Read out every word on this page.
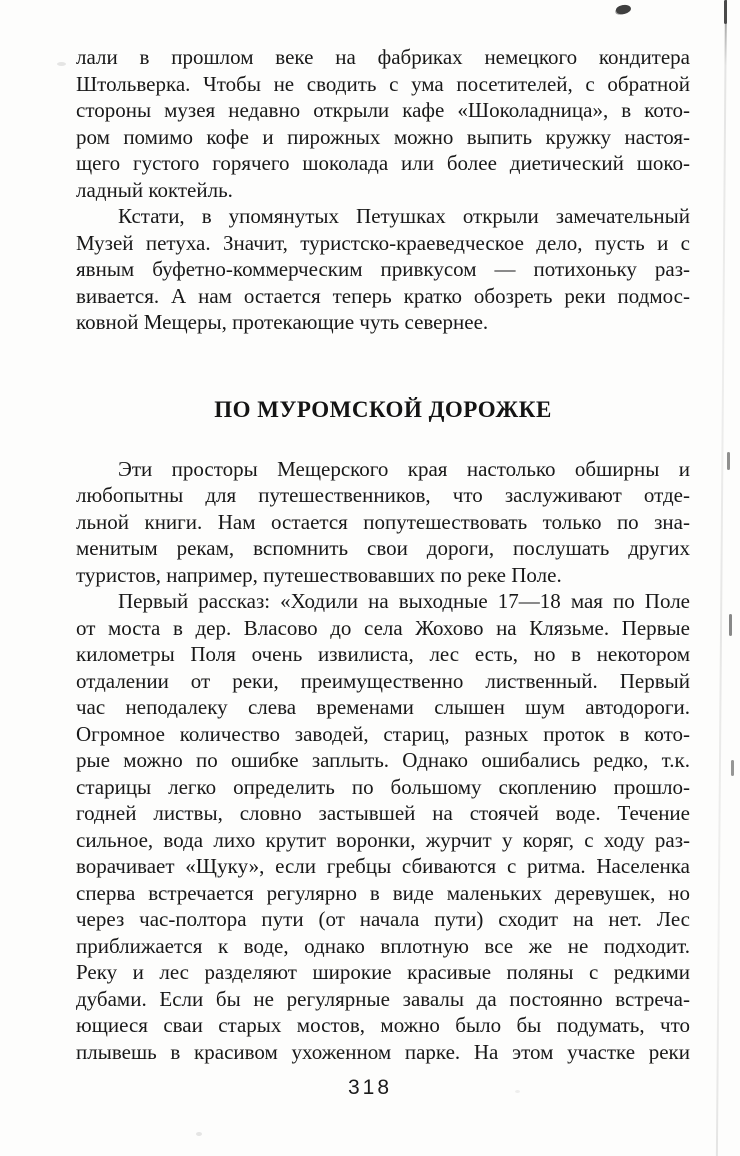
лали в прошлом веке на фабриках немецкого кондитера
Штольверка. Чтобы не сводить с ума посетителей, с обратной
стороны музея недавно открыли кафе «Шоколадница», в кото-
ром помимо кофе и пирожных можно выпить кружку настоя-
щего густого горячего шоколада или более диетический шоко-
ладный коктейль.
Кстати, в упомянутых Петушках открыли замечательный
Музей петуха. Значит, туристско-краеведческое дело, пусть и с
явным буфетно-коммерческим привкусом — потихоньку раз-
вивается. А нам остается теперь кратко обозреть реки подмос-
ковной Мещеры, протекающие чуть севернее.
ПО МУРОМСКОЙ ДОРОЖКЕ
Эти просторы Мещерского края настолько обширны и
любопытны для путешественников, что заслуживают отде-
льной книги. Нам остается попутешествовать только по зна-
менитым рекам, вспомнить свои дороги, послушать других
туристов, например, путешествовавших по реке Поле.
Первый рассказ: «Ходили на выходные 17—18 мая по Поле
от моста в дер. Власово до села Жохово на Клязьме. Первые
километры Поля очень извилиста, лес есть, но в некотором
отдалении от реки, преимущественно лиственный. Первый
час неподалеку слева временами слышен шум автодороги.
Огромное количество заводей, стариц, разных проток в кото-
рые можно по ошибке заплыть. Однако ошибались редко, т.к.
старицы легко определить по большому скоплению прошло-
годней листвы, словно застывшей на стоячей воде. Течение
сильное, вода лихо крутит воронки, журчит у коряг, с ходу раз-
ворачивает «Щуку», если гребцы сбиваются с ритма. Населенка
сперва встречается регулярно в виде маленьких деревушек, но
через час-полтора пути (от начала пути) сходит на нет. Лес
приближается к воде, однако вплотную все же не подходит.
Реку и лес разделяют широкие красивые поляны с редкими
дубами. Если бы не регулярные завалы да постоянно встреча-
ющиеся сваи старых мостов, можно было бы подумать, что
плывешь в красивом ухоженном парке. На этом участке реки
318
